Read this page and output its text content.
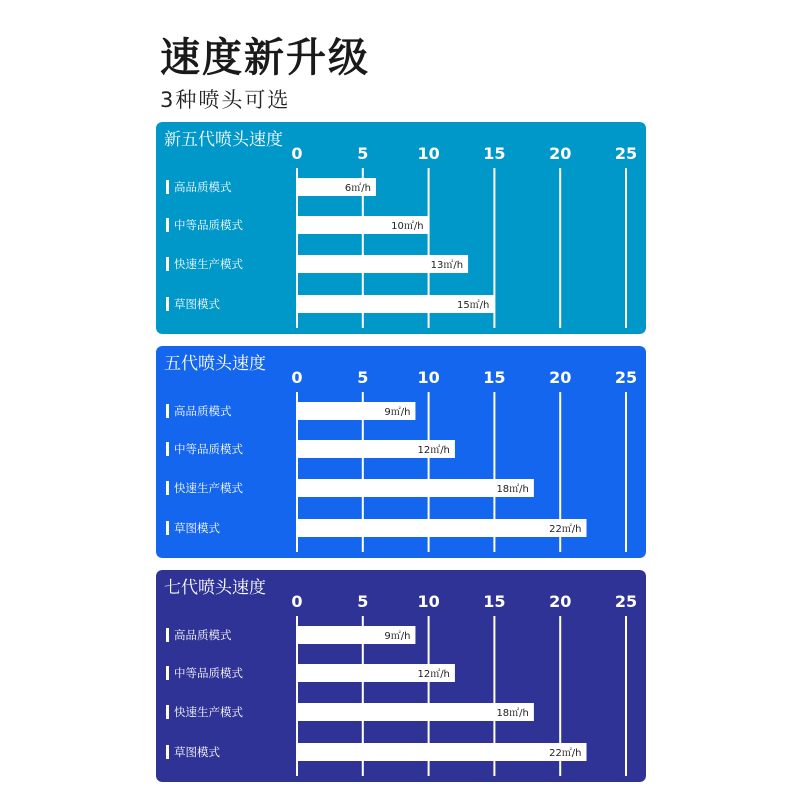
速度新升级
3种喷头可选
新五代喷头速度
0	5	10	15	20	25
高品质模式	6㎡/h
中等品质模式	10㎡/h
快速生产模式	13㎡/h
草图模式	15㎡/h
五代喷头速度
0	5	10	15	20	25
高品质模式	9㎡/h
中等品质模式	12㎡/h
快速生产模式	18㎡/h
草图模式	22㎡/h
七代喷头速度
0	5	10	15	20	25
高品质模式	9㎡/h
中等品质模式	12㎡/h
快速生产模式	18㎡/h
草图模式	22㎡/h
